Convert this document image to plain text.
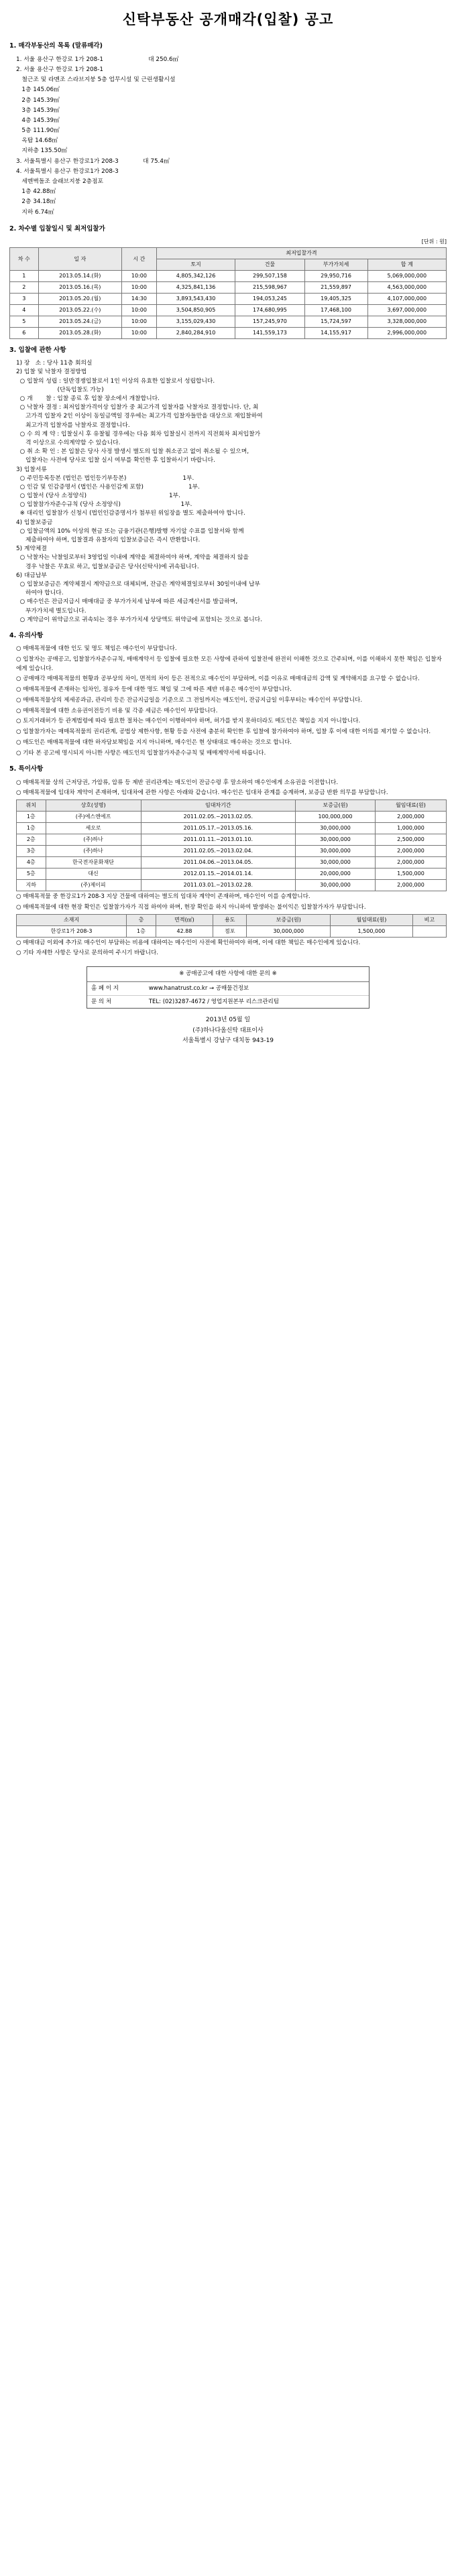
신탁부동산 공개매각(입찰) 공고
1. 매각부동산의 목록 (말류매각)
1. 서울 용산구 한강로 1가 208-1                        대 250.6㎡
2. 서울 용산구 한강로 1가 208-1
철근조 및 라멘조 스라브지붕 5층 업무시설 및 근린생활시설
1층 145.06㎡
2층 145.39㎡
3층 145.39㎡
4층 145.39㎡
5층 111.90㎡
옥탑 14.68㎡
지하층 135.50㎡
3. 서울특별시 용산구 한강로1가 208-3             대 75.4㎡
4. 서울특별시 용산구 한강로1가 208-3
세멘벽돌조 슬래브지붕 2층점포
1층 42.88㎡
2층 34.18㎡
지하 6.74㎡
2. 차수별 입찰일시 및 최저입찰가
[단위 : 원]
차 수	일 자	시 간	최저입찰가격			
			토지	건물	부가가치세	합 계
1	2013.05.14.(화)	10:00	4,805,342,126	299,507,158	29,950,716	5,069,000,000
2	2013.05.16.(목)	10:00	4,325,841,136	215,598,967	21,559,897	4,563,000,000
3	2013.05.20.(월)	14:30	3,893,543,430	194,053,245	19,405,325	4,107,000,000
4	2013.05.22.(수)	10:00	3,504,850,905	174,680,995	17,468,100	3,697,000,000
5	2013.05.24.(금)	10:00	3,155,029,430	157,245,970	15,724,597	3,328,000,000
6	2013.05.28.(화)	10:00	2,840,284,910	141,559,173	14,155,917	2,996,000,000
3. 입찰에 관한 사항
1) 장   소 : 당사 11층 회의실
2) 입찰 및 낙찰자 결정방법
○ 입찰의 성립 : 일반경쟁입찰로서 1인 이상의 유효한 입찰로서 성립합니다.
(단독입찰도 가능)
○ 개       찰 : 입찰 종료 후 입찰 장소에서 개찰합니다.
○ 낙찰자 결정 : 최저입찰가격이상 입찰가 중 최고가격 입찰자를 낙찰자로 결정합니다. 단, 최
고가격 입찰자 2인 이상이 동일금액일 경우에는 최고가격 입찰자들만을 대상으로 재입찰하여
최고가격 입찰자를 낙찰자로 결정합니다.
○ 수 의 계 약 : 입찰실시 후 유찰될 경우에는 다음 회차 입찰실시 전까지 직전회차 최저입찰가
격 이상으로 수의계약할 수 있습니다.
○ 취 소 확 인 : 본 입찰은 당사 사정 발생시 별도의 입찰 취소공고 없이 취소될 수 있으며,
입찰자는 사전에 당사로 입찰 실시 여부를 확인한 후 입찰하시기 바랍니다.
3) 입찰서류
○ 주민등록등본 (법인은 법인등기부등본)                              1부.
○ 인감 및 인감증명서 (법인은 사용인감계 포함)                        1부.
○ 입찰서 (당사 소정양식)                                            1부.
○ 입찰참가자준수규칙 (당사 소정양식)                                1부.
※ 대리인 입찰참가 신청시 (법인인감증명서가 첨부된 위임장을 별도 제출하여야 합니다.
4) 입찰보증금
○ 입찰금액의 10% 이상의 현금 또는 금융기관(은행)발행 자기앞 수표를 입찰서와 함께
제출하여야 하며, 입찰결과 유찰자의 입찰보증금은 즉시 반환합니다.
5) 계약체결
○ 낙찰자는 낙찰일로부터 3영업일 이내에 계약을 체결하여야 하며, 계약을 체결하지 않을
경우 낙찰은 무효로 하고, 입찰보증금은 당사(신탁사)에 귀속됩니다.
6) 대금납부
○ 입찰보증금은 계약체결시 계약금으로 대체되며, 잔금은 계약체결일로부터 30일이내에 납부
하여야 합니다.
○ 매수인은 잔금지급시 매매대금 중 부가가치세 납부에 따른 세금계산서를 발급하며,
부가가치세 별도입니다.
○ 계약금이 위약금으로 귀속되는 경우 부가가치세 상당액도 위약금에 포함되는 것으로 봅니다.
4. 유의사항
○ 매매목적물에 대한 인도 및 명도 책임은 매수인이 부담합니다.
○ 입찰자는 공매공고, 입찰참가자준수규칙, 매매계약서 등 입찰에 필요한 모든 사항에 관하여 입찰전에 완전히 이해한 것으로 간주되며, 이를 이해하지 못한 책임은 입찰자에게 있습니다.
○ 공매매각 매매목적물의 현황과 공부상의 차이, 면적의 차이 등은 전적으로 매수인이 부담하며, 이를 이유로 매매대금의 감액 및 계약해지를 요구할 수 없습니다.
○ 매매목적물에 존재하는 임차인, 점유자 등에 대한 명도 책임 및 그에 따른 제반 비용은 매수인이 부담합니다.
○ 매매목적물상의 제세공과금, 관리비 등은 잔금지급일을 기준으로 그 전일까지는 매도인이, 잔금지급일 이후부터는 매수인이 부담합니다.
○ 매매목적물에 대한 소유권이전등기 비용 및 각종 세금은 매수인이 부담합니다.
○ 토지거래허가 등 관계법령에 따라 필요한 절차는 매수인이 이행하여야 하며, 허가를 받지 못하더라도 매도인은 책임을 지지 아니합니다.
○ 입찰참가자는 매매목적물의 권리관계, 공법상 제한사항, 현황 등을 사전에 충분히 확인한 후 입찰에 참가하여야 하며, 입찰 후 이에 대한 이의를 제기할 수 없습니다.
○ 매도인은 매매목적물에 대한 하자담보책임을 지지 아니하며, 매수인은 현 상태대로 매수하는 것으로 합니다.
○ 기타 본 공고에 명시되지 아니한 사항은 매도인의 입찰참가자준수규칙 및 매매계약서에 따릅니다.
5. 특이사항
○ 매매목적물 상의 근저당권, 가압류, 압류 등 제반 권리관계는 매도인이 잔금수령 후 말소하여 매수인에게 소유권을 이전합니다.
○ 매매목적물에 임대차 계약이 존재하며, 임대차에 관한 사항은 아래와 같습니다. 매수인은 임대차 관계를 승계하며, 보증금 반환 의무를 부담합니다.
위치	상호(성명)	임대차기간	보증금(원)	월임대료(원)
1층	(주)에스엔에프	2011.02.05.~2013.02.05.	100,000,000	2,000,000
1층	세오로	2011.05.17.~2013.05.16.	30,000,000	1,000,000
2층	(주)하나	2011.01.11.~2013.01.10.	30,000,000	2,500,000
3층	(주)하나	2011.02.05.~2013.02.04.	30,000,000	2,000,000
4층	한국전자문화재단	2011.04.06.~2013.04.05.	30,000,000	2,000,000
5층	대신	2012.01.15.~2014.01.14.	20,000,000	1,500,000
지하	(주)제이피	2011.03.01.~2013.02.28.	30,000,000	2,000,000
○ 매매목적물 중 한강로1가 208-3 지상 건물에 대하여는 별도의 임대차 계약이 존재하며, 매수인이 이를 승계합니다.
○ 매매목적물에 대한 현장 확인은 입찰참가자가 직접 하여야 하며, 현장 확인을 하지 아니하여 발생하는 불이익은 입찰참가자가 부담합니다.
소재지	층	면적(㎡)	용도	보증금(원)	월임대료(원)	비고
한강로1가 208-3	1층	42.88	점포	30,000,000	1,500,000	
○ 매매대금 이외에 추가로 매수인이 부담하는 비용에 대하여는 매수인이 사전에 확인하여야 하며, 이에 대한 책임은 매수인에게 있습니다.
○ 기타 자세한 사항은 당사로 문의하여 주시기 바랍니다.
※ 공매공고에 대한 사항에 대한 문의 ※
홈 페 이 지	www.hanatrust.co.kr → 공매물건정보
문 의 처	TEL: (02)3287-4672 / 영업지원본부 리스크관리팀
2013년 05월 일
(주)하나다올신탁 대표이사
서울특별시 강남구 대치동 943-19
